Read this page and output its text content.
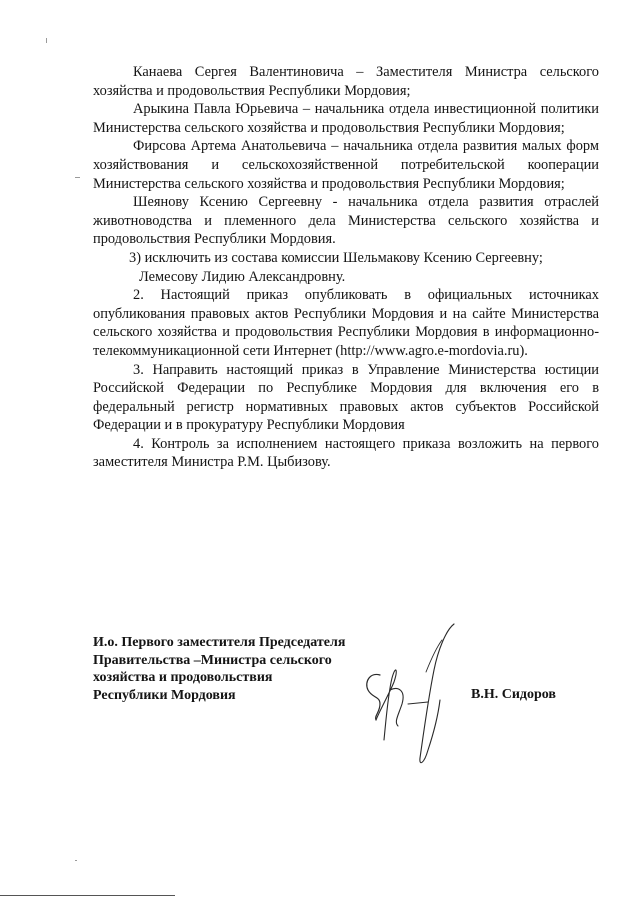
Канаева Сергея Валентиновича – Заместителя Министра сельского хозяйства и продовольствия Республики Мордовия;

Арыкина Павла Юрьевича – начальника отдела инвестиционной политики Министерства сельского хозяйства и продовольствия Республики Мордовия;

Фирсова Артема Анатольевича – начальника отдела развития малых форм хозяйствования и сельскохозяйственной потребительской кооперации Министерства сельского хозяйства и продовольствия Республики Мордовия;

Шеянову Ксению Сергеевну - начальника отдела развития отраслей животноводства и племенного дела Министерства сельского хозяйства и продовольствия Республики Мордовия.

3) исключить из состава комиссии Шельмакову Ксению Сергеевну;

Лемесову Лидию Александровну.

2. Настоящий приказ опубликовать в официальных источниках опубликования правовых актов Республики Мордовия и на сайте Министерства сельского хозяйства и продовольствия Республики Мордовия в информационно-телекоммуникационной сети Интернет (http://www.agro.e-mordovia.ru).

3. Направить настоящий приказ в Управление Министерства юстиции Российской Федерации по Республике Мордовия для включения его в федеральный регистр нормативных правовых актов субъектов Российской Федерации и в прокуратуру Республики Мордовия

4. Контроль за исполнением настоящего приказа возложить на первого заместителя Министра Р.М. Цыбизову.

И.о. Первого заместителя Председателя
Правительства –Министра сельского
хозяйства и продовольствия
Республики Мордовия	В.Н. Сидоров
